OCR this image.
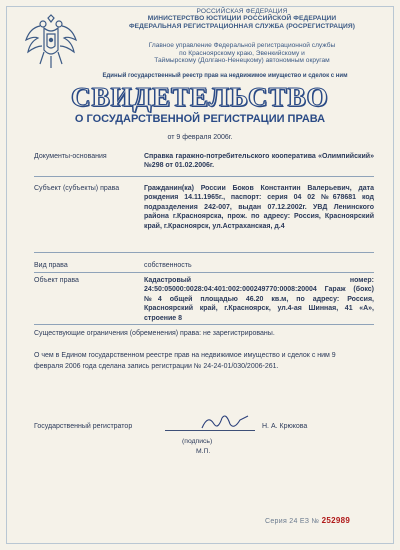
РОССИЙСКАЯ ФЕДЕРАЦИЯ
МИНИСТЕРСТВО ЮСТИЦИИ РОССИЙСКОЙ ФЕДЕРАЦИИ
ФЕДЕРАЛЬНАЯ РЕГИСТРАЦИОННАЯ СЛУЖБА (РОСРЕГИСТРАЦИЯ)
Главное управление Федеральной регистрационной службы
по Красноярскому краю, Эвенкийскому и
Таймырскому (Долгано-Ненецкому) автономным округам
Единый государственный реестр прав на недвижимое имущество и сделок с ним
СВИДЕТЕЛЬСТВО
О ГОСУДАРСТВЕННОЙ РЕГИСТРАЦИИ ПРАВА
от 9 февраля 2006г.
Документы-основания	Справка гаражно-потребительского кооператива «Олимпийский» №298 от 01.02.2006г.
Субъект (субъекты) права	Гражданин(ка) России Боков Константин Валерьевич, дата рождения 14.11.1965г., паспорт: серия 04 02 №678681 код подразделения 242-007, выдан 07.12.2002г. УВД Ленинского района г.Красноярска, прож. по адресу: Россия, Красноярский край, г.Красноярск, ул.Астраханская, д.4
Вид права	собственность
Объект права	Кадастровый номер: 24:50:05000:0028:04:401:002:000249770:0008:20004 Гараж (бокс) №4 общей площадью 46.20 кв.м, по адресу: Россия, Красноярский край, г.Красноярск, ул.4-ая Шинная, 41 «А», строение 8
Существующие ограничения (обременения) права: не зарегистрированы.
О чем в Едином государственном реестре прав на недвижимое имущество и сделок с ним 9 февраля 2006 года сделана запись регистрации № 24-24-01/030/2006-261.
Государственный регистратор	Н. А. Крюкова
(подпись)
М.П.
Серия 24 ЕЗ № 252989
